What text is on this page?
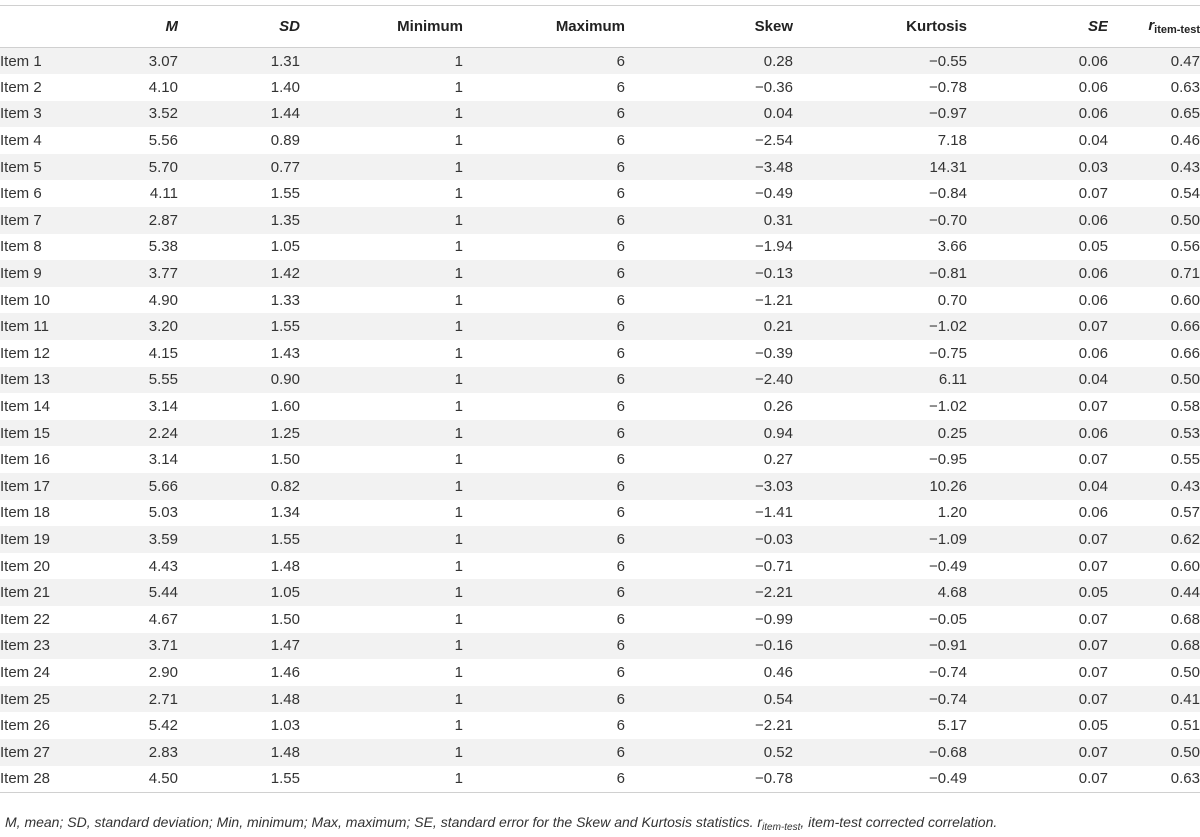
	M	SD	Minimum	Maximum	Skew	Kurtosis	SE	$r_{item-test}$
Item 1	3.07	1.31	1	6	0.28	−0.55	0.06	0.47
Item 2	4.10	1.40	1	6	−0.36	−0.78	0.06	0.63
Item 3	3.52	1.44	1	6	0.04	−0.97	0.06	0.65
Item 4	5.56	0.89	1	6	−2.54	7.18	0.04	0.46
Item 5	5.70	0.77	1	6	−3.48	14.31	0.03	0.43
Item 6	4.11	1.55	1	6	−0.49	−0.84	0.07	0.54
Item 7	2.87	1.35	1	6	0.31	−0.70	0.06	0.50
Item 8	5.38	1.05	1	6	−1.94	3.66	0.05	0.56
Item 9	3.77	1.42	1	6	−0.13	−0.81	0.06	0.71
Item 10	4.90	1.33	1	6	−1.21	0.70	0.06	0.60
Item 11	3.20	1.55	1	6	0.21	−1.02	0.07	0.66
Item 12	4.15	1.43	1	6	−0.39	−0.75	0.06	0.66
Item 13	5.55	0.90	1	6	−2.40	6.11	0.04	0.50
Item 14	3.14	1.60	1	6	0.26	−1.02	0.07	0.58
Item 15	2.24	1.25	1	6	0.94	0.25	0.06	0.53
Item 16	3.14	1.50	1	6	0.27	−0.95	0.07	0.55
Item 17	5.66	0.82	1	6	−3.03	10.26	0.04	0.43
Item 18	5.03	1.34	1	6	−1.41	1.20	0.06	0.57
Item 19	3.59	1.55	1	6	−0.03	−1.09	0.07	0.62
Item 20	4.43	1.48	1	6	−0.71	−0.49	0.07	0.60
Item 21	5.44	1.05	1	6	−2.21	4.68	0.05	0.44
Item 22	4.67	1.50	1	6	−0.99	−0.05	0.07	0.68
Item 23	3.71	1.47	1	6	−0.16	−0.91	0.07	0.68
Item 24	2.90	1.46	1	6	0.46	−0.74	0.07	0.50
Item 25	2.71	1.48	1	6	0.54	−0.74	0.07	0.41
Item 26	5.42	1.03	1	6	−2.21	5.17	0.05	0.51
Item 27	2.83	1.48	1	6	0.52	−0.68	0.07	0.50
Item 28	4.50	1.55	1	6	−0.78	−0.49	0.07	0.63
M, mean; SD, standard deviation; Min, minimum; Max, maximum; SE, standard error for the Skew and Kurtosis statistics. $r_{item-test}$, item-test corrected correlation.
